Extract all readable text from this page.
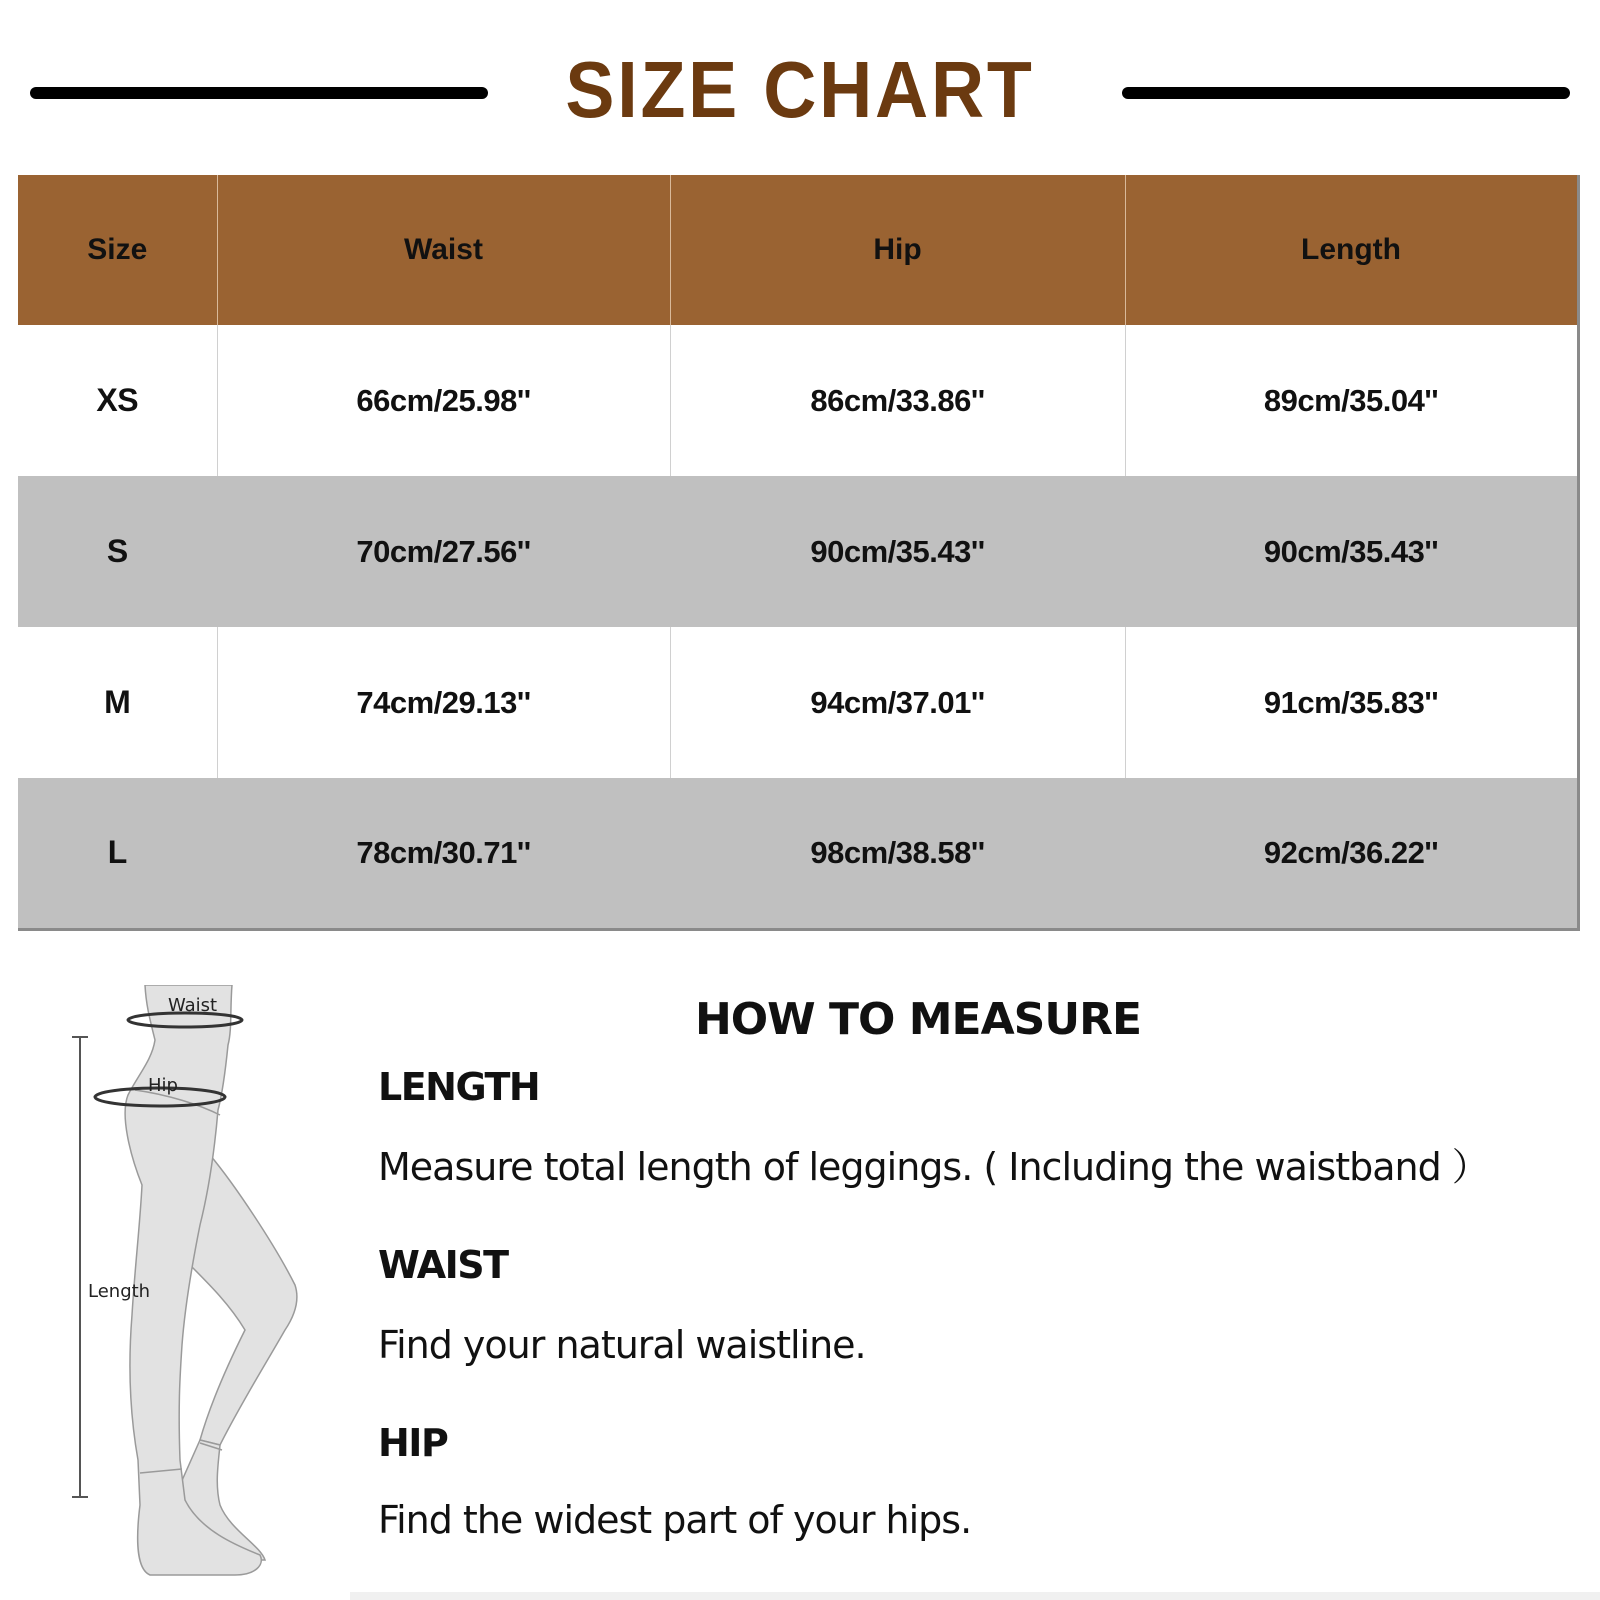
SIZE CHART
Size	Waist	Hip	Length
XS	66cm/25.98''	86cm/33.86''	89cm/35.04''
S	70cm/27.56''	90cm/35.43''	90cm/35.43''
M	74cm/29.13''	94cm/37.01''	91cm/35.83''
L	78cm/30.71''	98cm/38.58''	92cm/36.22''
Waist
Hip
Length
HOW TO MEASURE
LENGTH
Measure total length of leggings. ( Including the waistband ）
WAIST
Find your natural waistline.
HIP
Find the widest part of your hips.
